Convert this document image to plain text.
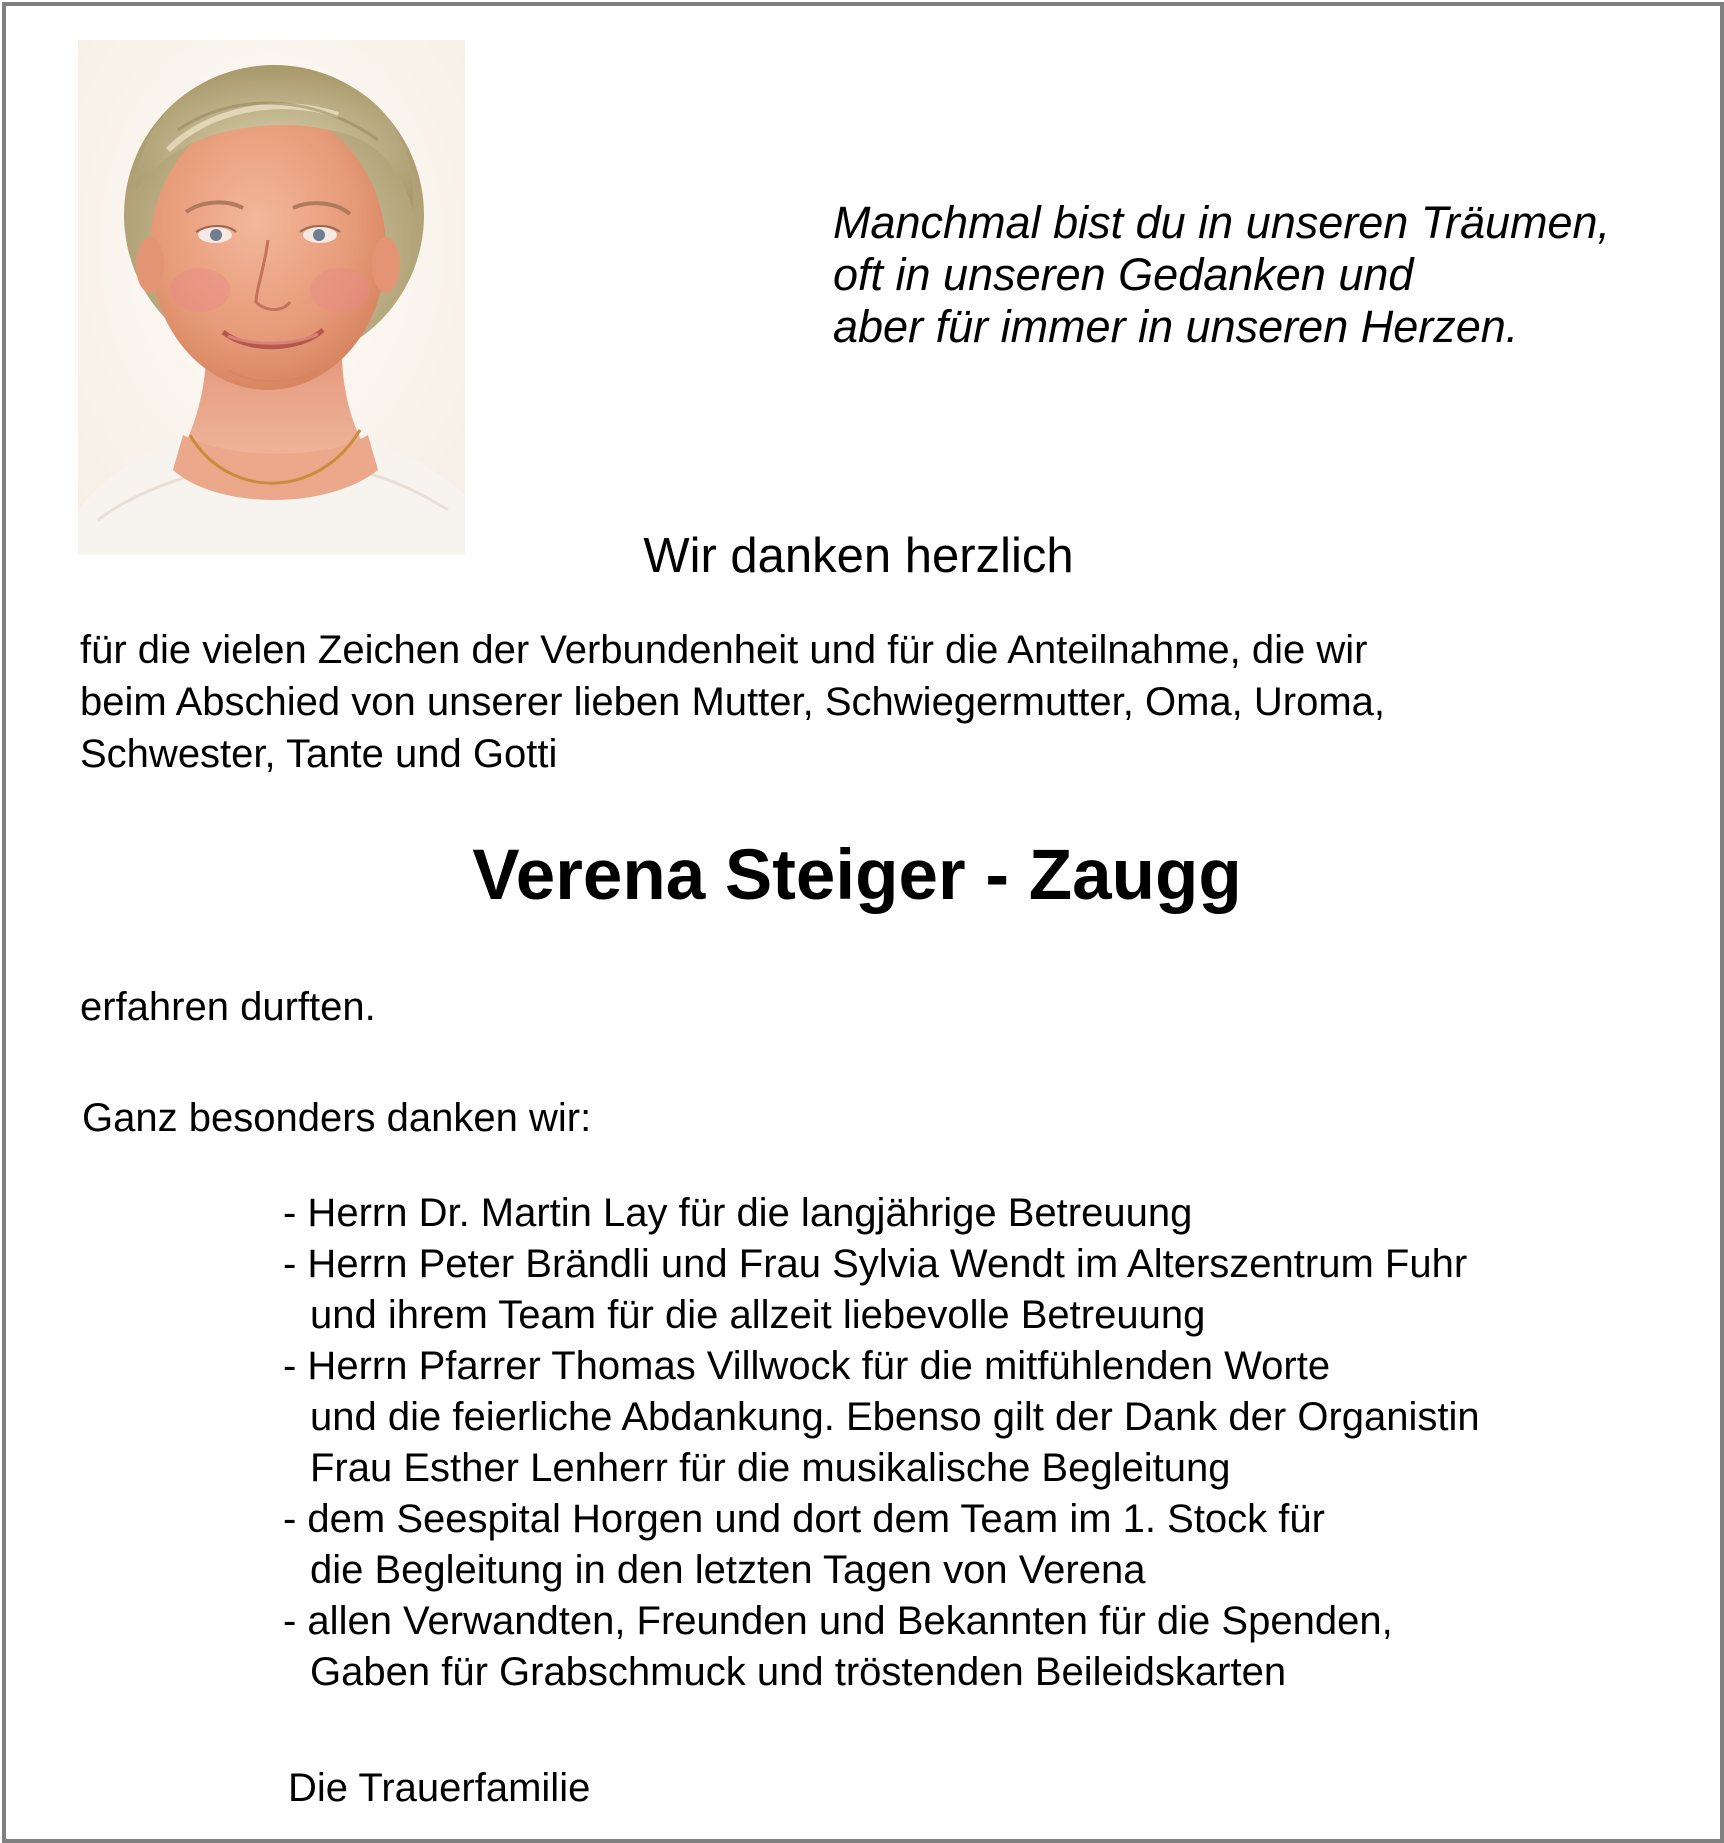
Manchmal bist du in unseren Träumen,
oft in unseren Gedanken und
aber für immer in unseren Herzen.
Wir danken herzlich
für die vielen Zeichen der Verbundenheit und für die Anteilnahme, die wir
beim Abschied von unserer lieben Mutter, Schwiegermutter, Oma, Uroma,
Schwester, Tante und Gotti
Verena Steiger - Zaugg
erfahren durften.
Ganz besonders danken wir:
- Herrn Dr. Martin Lay für die langjährige Betreuung
- Herrn Peter Brändli und Frau Sylvia Wendt im Alterszentrum Fuhr
und ihrem Team für die allzeit liebevolle Betreuung
- Herrn Pfarrer Thomas Villwock für die mitfühlenden Worte
und die feierliche Abdankung. Ebenso gilt der Dank der Organistin
Frau Esther Lenherr für die musikalische Begleitung
- dem Seespital Horgen und dort dem Team im 1. Stock für
die Begleitung in den letzten Tagen von Verena
- allen Verwandten, Freunden und Bekannten für die Spenden,
Gaben für Grabschmuck und tröstenden Beileidskarten
Die Trauerfamilie
